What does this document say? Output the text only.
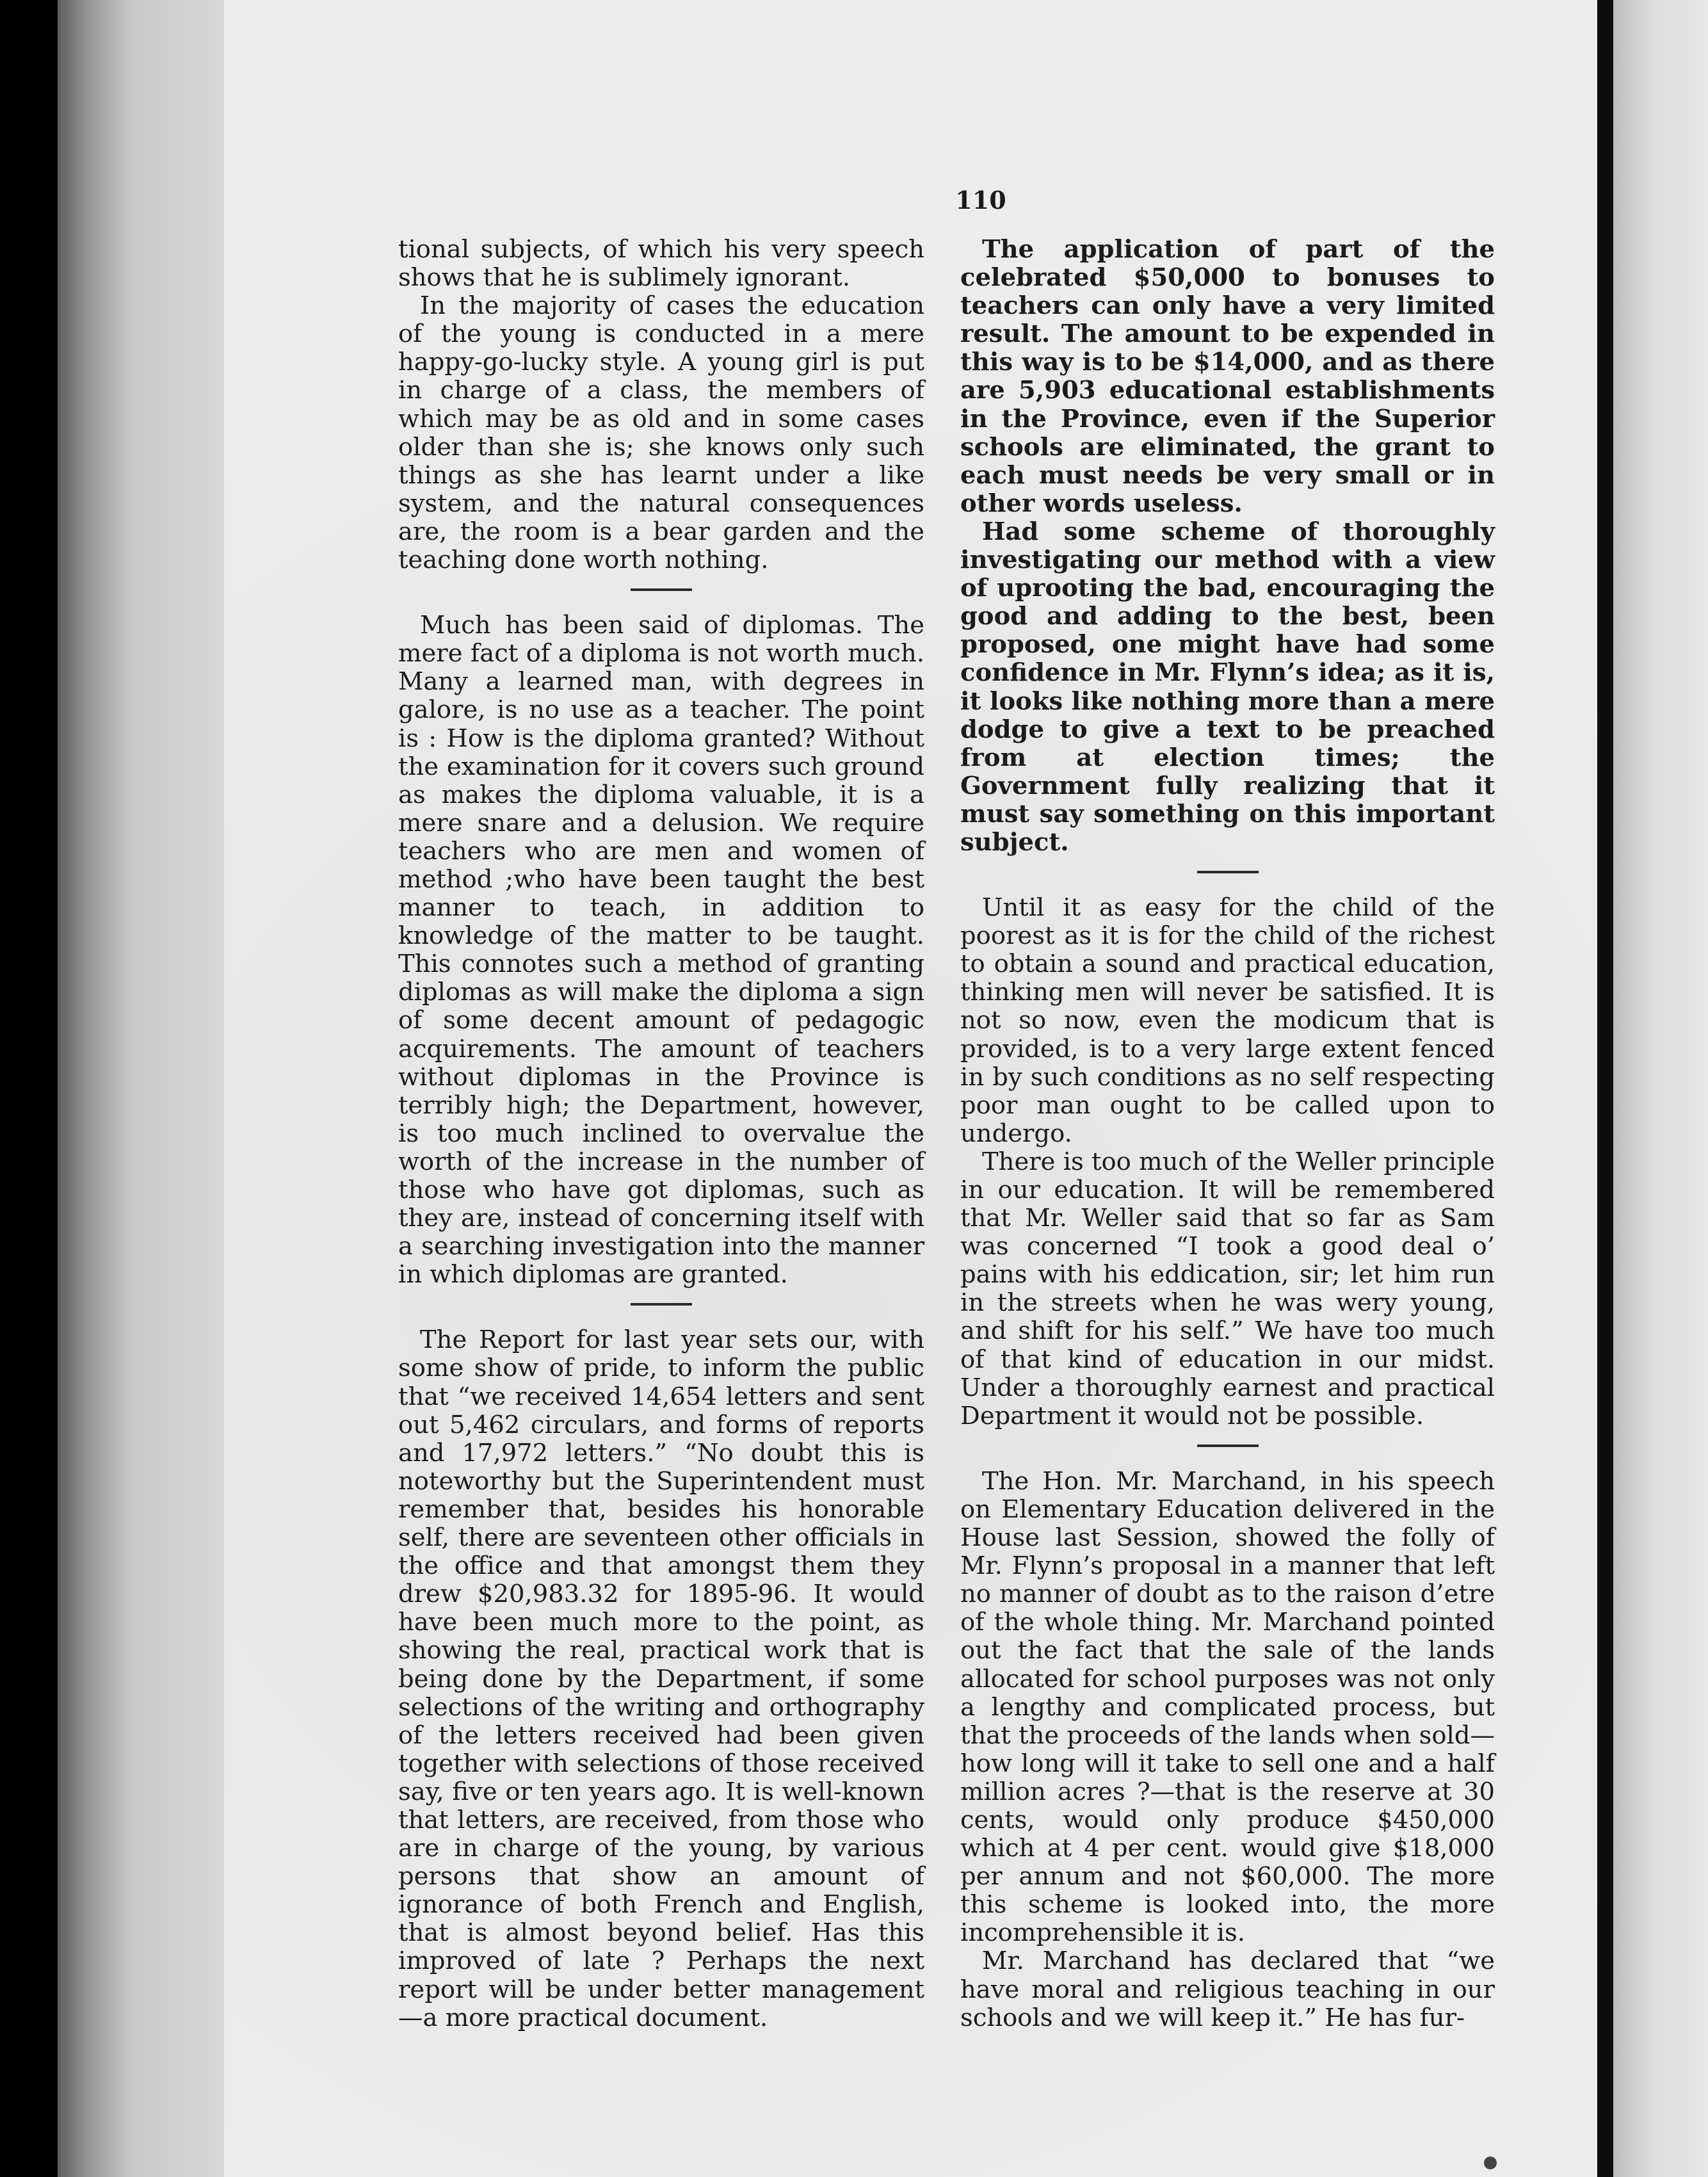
110

tional subjects, of which his very speech shows that he is sublimely ignorant.

In the majority of cases the education of the young is conducted in a mere happy-go-lucky style. A young girl is put in charge of a class, the members of which may be as old and in some cases older than she is; she knows only such things as she has learnt under a like system, and the natural consequences are, the room is a bear garden and the teaching done worth nothing.

Much has been said of diplomas. The mere fact of a diploma is not worth much. Many a learned man, with degrees in galore, is no use as a teacher. The point is : How is the diploma granted? Without the examination for it covers such ground as makes the diploma valuable, it is a mere snare and a delusion. We require teachers who are men and women of method ;who have been taught the best manner to teach, in addition to knowledge of the matter to be taught. This connotes such a method of granting diplomas as will make the diploma a sign of some decent amount of pedagogic acquirements. The amount of teachers without diplomas in the Province is terribly high; the Department, however, is too much inclined to overvalue the worth of the increase in the number of those who have got diplomas, such as they are, instead of concerning itself with a searching investigation into the manner in which diplomas are granted.

The Report for last year sets our, with some show of pride, to inform the public that “we received 14,654 letters and sent out 5,462 circulars, and forms of reports and 17,972 letters.” “No doubt this is noteworthy but the Superintendent must remember that, besides his honorable self, there are seventeen other officials in the office and that amongst them they drew $20,983.32 for 1895-96. It would have been much more to the point, as showing the real, practical work that is being done by the Department, if some selections of the writing and orthography of the letters received had been given together with selections of those received say, five or ten years ago. It is well-known that letters, are received, from those who are in charge of the young, by various persons that show an amount of ignorance of both French and English, that is almost beyond belief. Has this improved of late ? Perhaps the next report will be under better management—a more practical document.

The application of part of the celebrated $50,000 to bonuses to teachers can only have a very limited result. The amount to be expended in this way is to be $14,000, and as there are 5,903 educational establishments in the Province, even if the Superior schools are eliminated, the grant to each must needs be very small or in other words useless.

Had some scheme of thoroughly investigating our method with a view of uprooting the bad, encouraging the good and adding to the best, been proposed, one might have had some confidence in Mr. Flynn’s idea; as it is, it looks like nothing more than a mere dodge to give a text to be preached from at election times; the Government fully realizing that it must say something on this important subject.

Until it as easy for the child of the poorest as it is for the child of the richest to obtain a sound and practical education, thinking men will never be satisfied. It is not so now, even the modicum that is provided, is to a very large extent fenced in by such conditions as no self respecting poor man ought to be called upon to undergo.

There is too much of the Weller principle in our education. It will be remembered that Mr. Weller said that so far as Sam was concerned “I took a good deal o’ pains with his eddication, sir; let him run in the streets when he was wery young, and shift for his self.” We have too much of that kind of education in our midst. Under a thoroughly earnest and practical Department it would not be possible.

The Hon. Mr. Marchand, in his speech on Elementary Education delivered in the House last Session, showed the folly of Mr. Flynn’s proposal in a manner that left no manner of doubt as to the raison d’etre of the whole thing. Mr. Marchand pointed out the fact that the sale of the lands allocated for school purposes was not only a lengthy and complicated process, but that the proceeds of the lands when sold—how long will it take to sell one and a half million acres ?—that is the reserve at 30 cents, would only produce $450,000 which at 4 per cent. would give $18,000 per annum and not $60,000. The more this scheme is looked into, the more incomprehensible it is.

Mr. Marchand has declared that “we have moral and religious teaching in our schools and we will keep it.” He has fur-
